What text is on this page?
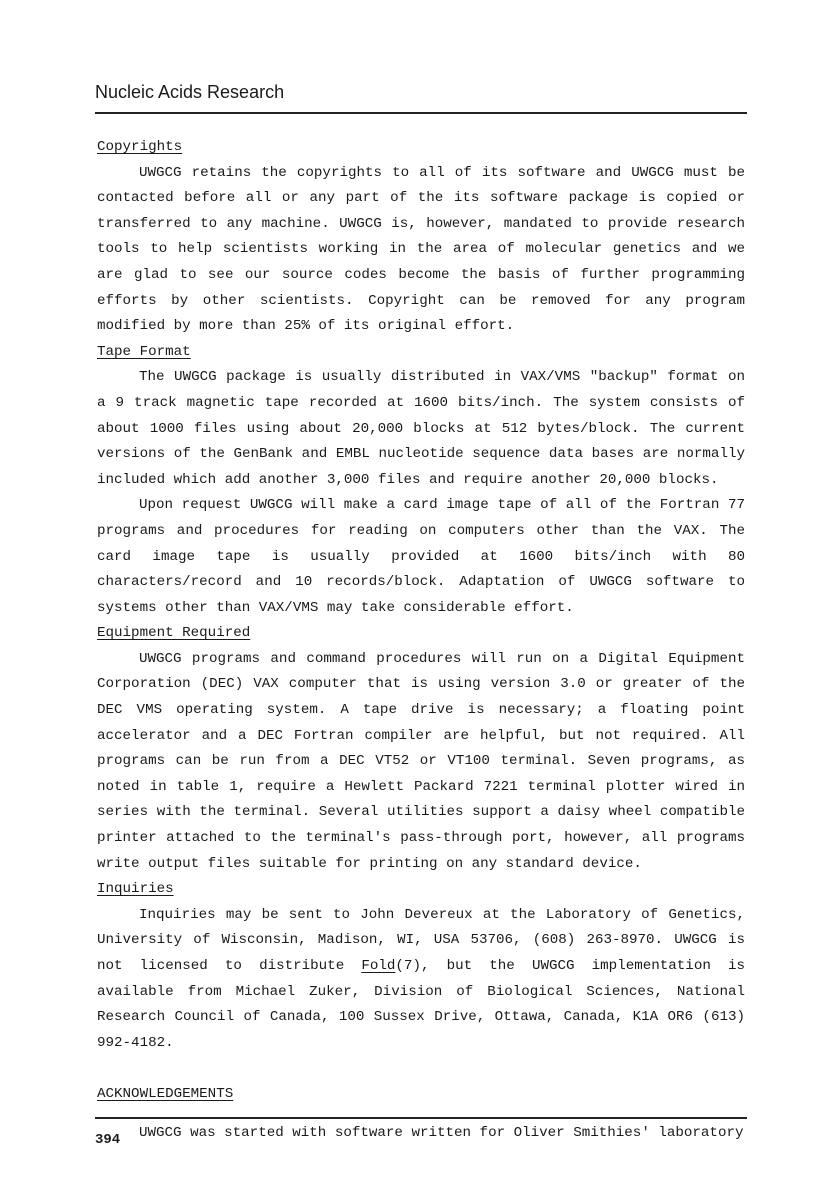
Nucleic Acids Research
Copyrights

UWGCG retains the copyrights to all of its software and UWGCG must be contacted before all or any part of the its software package is copied or transferred to any machine. UWGCG is, however, mandated to provide research tools to help scientists working in the area of molecular genetics and we are glad to see our source codes become the basis of further programming efforts by other scientists. Copyright can be removed for any program modified by more than 25% of its original effort.

Tape Format

The UWGCG package is usually distributed in VAX/VMS "backup" format on a 9 track magnetic tape recorded at 1600 bits/inch. The system consists of about 1000 files using about 20,000 blocks at 512 bytes/block. The current versions of the GenBank and EMBL nucleotide sequence data bases are normally included which add another 3,000 files and require another 20,000 blocks.

Upon request UWGCG will make a card image tape of all of the Fortran 77 programs and procedures for reading on computers other than the VAX. The card image tape is usually provided at 1600 bits/inch with 80 characters/record and 10 records/block. Adaptation of UWGCG software to systems other than VAX/VMS may take considerable effort.

Equipment Required

UWGCG programs and command procedures will run on a Digital Equipment Corporation (DEC) VAX computer that is using version 3.0 or greater of the DEC VMS operating system. A tape drive is necessary; a floating point accelerator and a DEC Fortran compiler are helpful, but not required. All programs can be run from a DEC VT52 or VT100 terminal. Seven programs, as noted in table 1, require a Hewlett Packard 7221 terminal plotter wired in series with the terminal. Several utilities support a daisy wheel compatible printer attached to the terminal's pass-through port, however, all programs write output files suitable for printing on any standard device.

Inquiries

Inquiries may be sent to John Devereux at the Laboratory of Genetics, University of Wisconsin, Madison, WI, USA 53706, (608) 263-8970. UWGCG is not licensed to distribute Fold(7), but the UWGCG implementation is available from Michael Zuker, Division of Biological Sciences, National Research Council of Canada, 100 Sussex Drive, Ottawa, Canada, K1A OR6 (613) 992-4182.

ACKNOWLEDGEMENTS

UWGCG was started with software written for Oliver Smithies' laboratory

394
